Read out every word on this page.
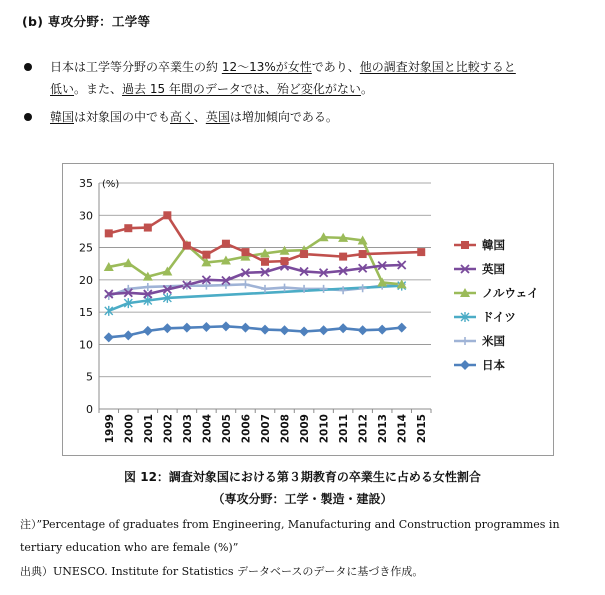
(b) 専攻分野：工学等
日本は工学等分野の卒業生の約 12～13%が女性であり、他の調査対象国と比較すると
低い。また、過去 15 年間のデータでは、殆ど変化がない。
韓国は対象国の中でも高く、英国は増加傾向である。
0
5
10
15
20
25
30
35 (%)
1999 2000 2001 2002 2003 2004 2005 2006 2007 2008 2009 2010 2011 2012 2013 2014 2015
韓国
英国
ノルウェイ
ドイツ
米国
日本
図 12：調査対象国における第３期教育の卒業生に占める女性割合
（専攻分野：工学・製造・建設）
注）”Percentage of graduates from Engineering, Manufacturing and Construction programmes in
tertiary education who are female (%)”
出典）UNESCO. Institute for Statistics データベースのデータに基づき作成。
